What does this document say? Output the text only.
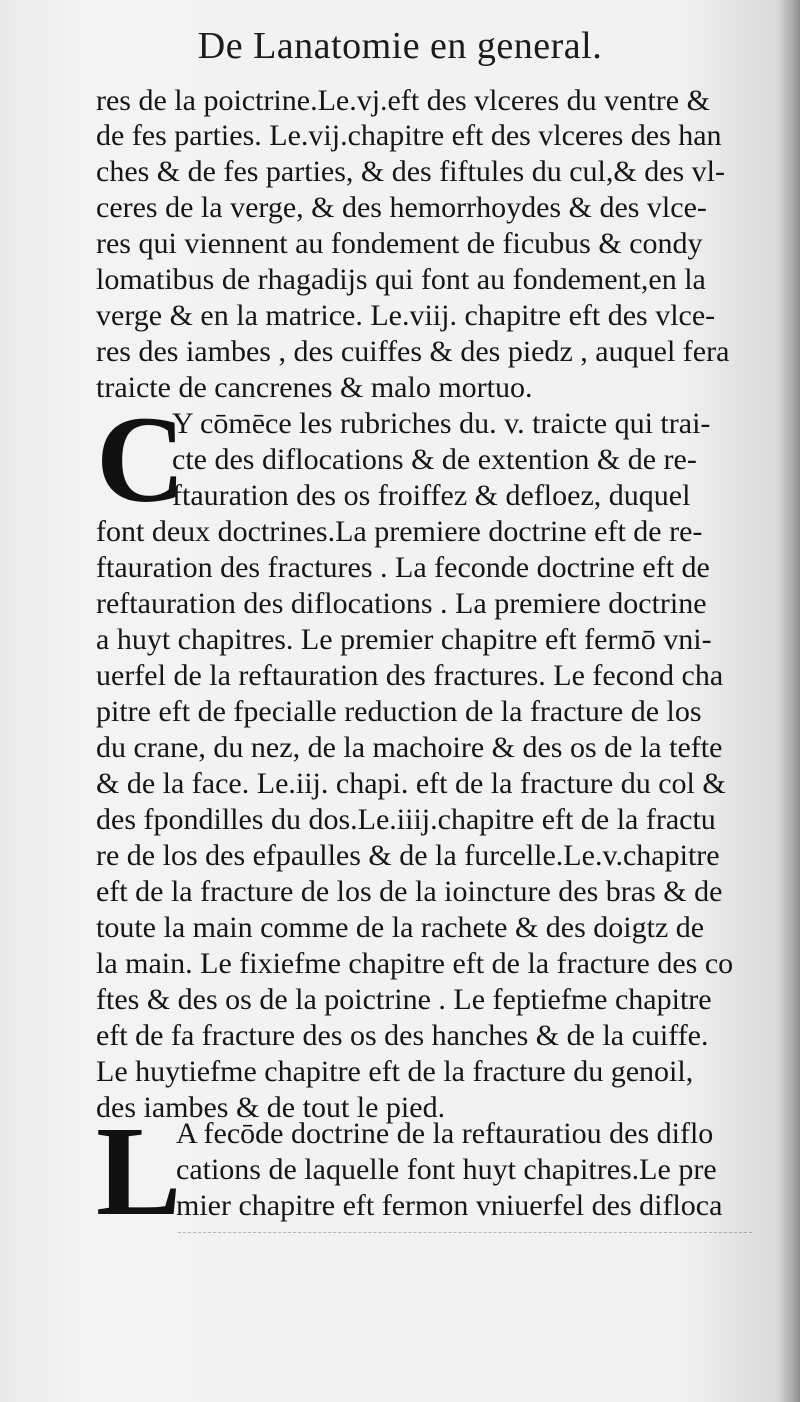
De Lanatomie en general.
res de la poictrine.Le.vj.eft des vlceres du ventre &
de fes parties. Le.vij.chapitre eft des vlceres des han
ches & de fes parties, & des fiftules du cul,& des vl-
ceres de la verge, & des hemorrhoydes & des vlce-
res qui viennent au fondement de ficubus & condy
lomatibus de rhagadijs qui font au fondement,en la
verge & en la matrice. Le.viij. chapitre eft des vlce-
res des iambes , des cuiffes & des piedz , auquel fera
traicte de cancrenes & malo mortuo.
C
Y cōmēce les rubriches du. v. traicte qui trai-
cte des diflocations & de extention & de re-
ftauration des os froiffez & defloez, duquel
font deux doctrines.La premiere doctrine eft de re-
ftauration des fractures . La feconde doctrine eft de
reftauration des diflocations . La premiere doctrine
a huyt chapitres. Le premier chapitre eft fermō vni-
uerfel de la reftauration des fractures. Le fecond cha
pitre eft de fpecialle reduction de la fracture de los
du crane, du nez, de la machoire & des os de la tefte
& de la face. Le.iij. chapi. eft de la fracture du col &
des fpondilles du dos.Le.iiij.chapitre eft de la fractu
re de los des efpaulles & de la furcelle.Le.v.chapitre
eft de la fracture de los de la ioincture des bras & de
toute la main comme de la rachete & des doigtz de
la main. Le fixiefme chapitre eft de la fracture des co
ftes & des os de la poictrine . Le feptiefme chapitre
eft de fa fracture des os des hanches & de la cuiffe.
Le huytiefme chapitre eft de la fracture du genoil,
des iambes & de tout le pied.
L
A fecōde doctrine de la reftauratiou des diflo
cations de laquelle font huyt chapitres.Le pre
mier chapitre eft fermon vniuerfel des difloca
